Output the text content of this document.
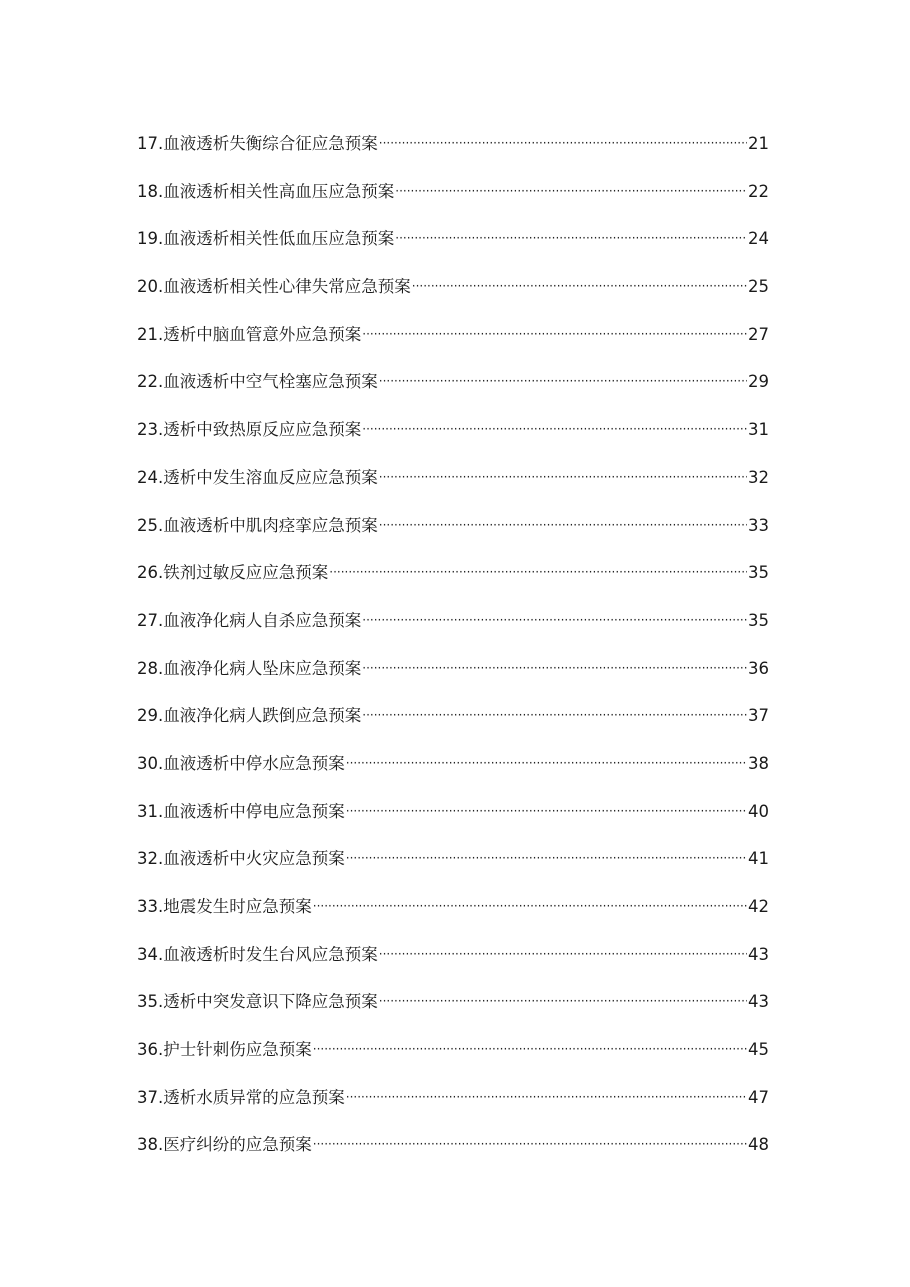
17.血液透析失衡综合征应急预案 ·····	21
18.血液透析相关性高血压应急预案 ·····	22
19.血液透析相关性低血压应急预案 ·····	24
20.血液透析相关性心律失常应急预案 ·····	25
21.透析中脑血管意外应急预案 ·····	27
22.血液透析中空气栓塞应急预案 ·····	29
23.透析中致热原反应应急预案 ·····	31
24.透析中发生溶血反应应急预案 ·····	32
25.血液透析中肌肉痉挛应急预案 ·····	33
26.铁剂过敏反应应急预案 ·····	35
27.血液净化病人自杀应急预案 ·····	35
28.血液净化病人坠床应急预案 ·····	36
29.血液净化病人跌倒应急预案 ·····	37
30.血液透析中停水应急预案 ·····	38
31.血液透析中停电应急预案 ·····	40
32.血液透析中火灾应急预案 ·····	41
33.地震发生时应急预案 ·····	42
34.血液透析时发生台风应急预案 ·····	43
35.透析中突发意识下降应急预案 ·····	43
36.护士针刺伤应急预案 ·····	45
37.透析水质异常的应急预案 ·····	47
38.医疗纠纷的应急预案 ·····	48
